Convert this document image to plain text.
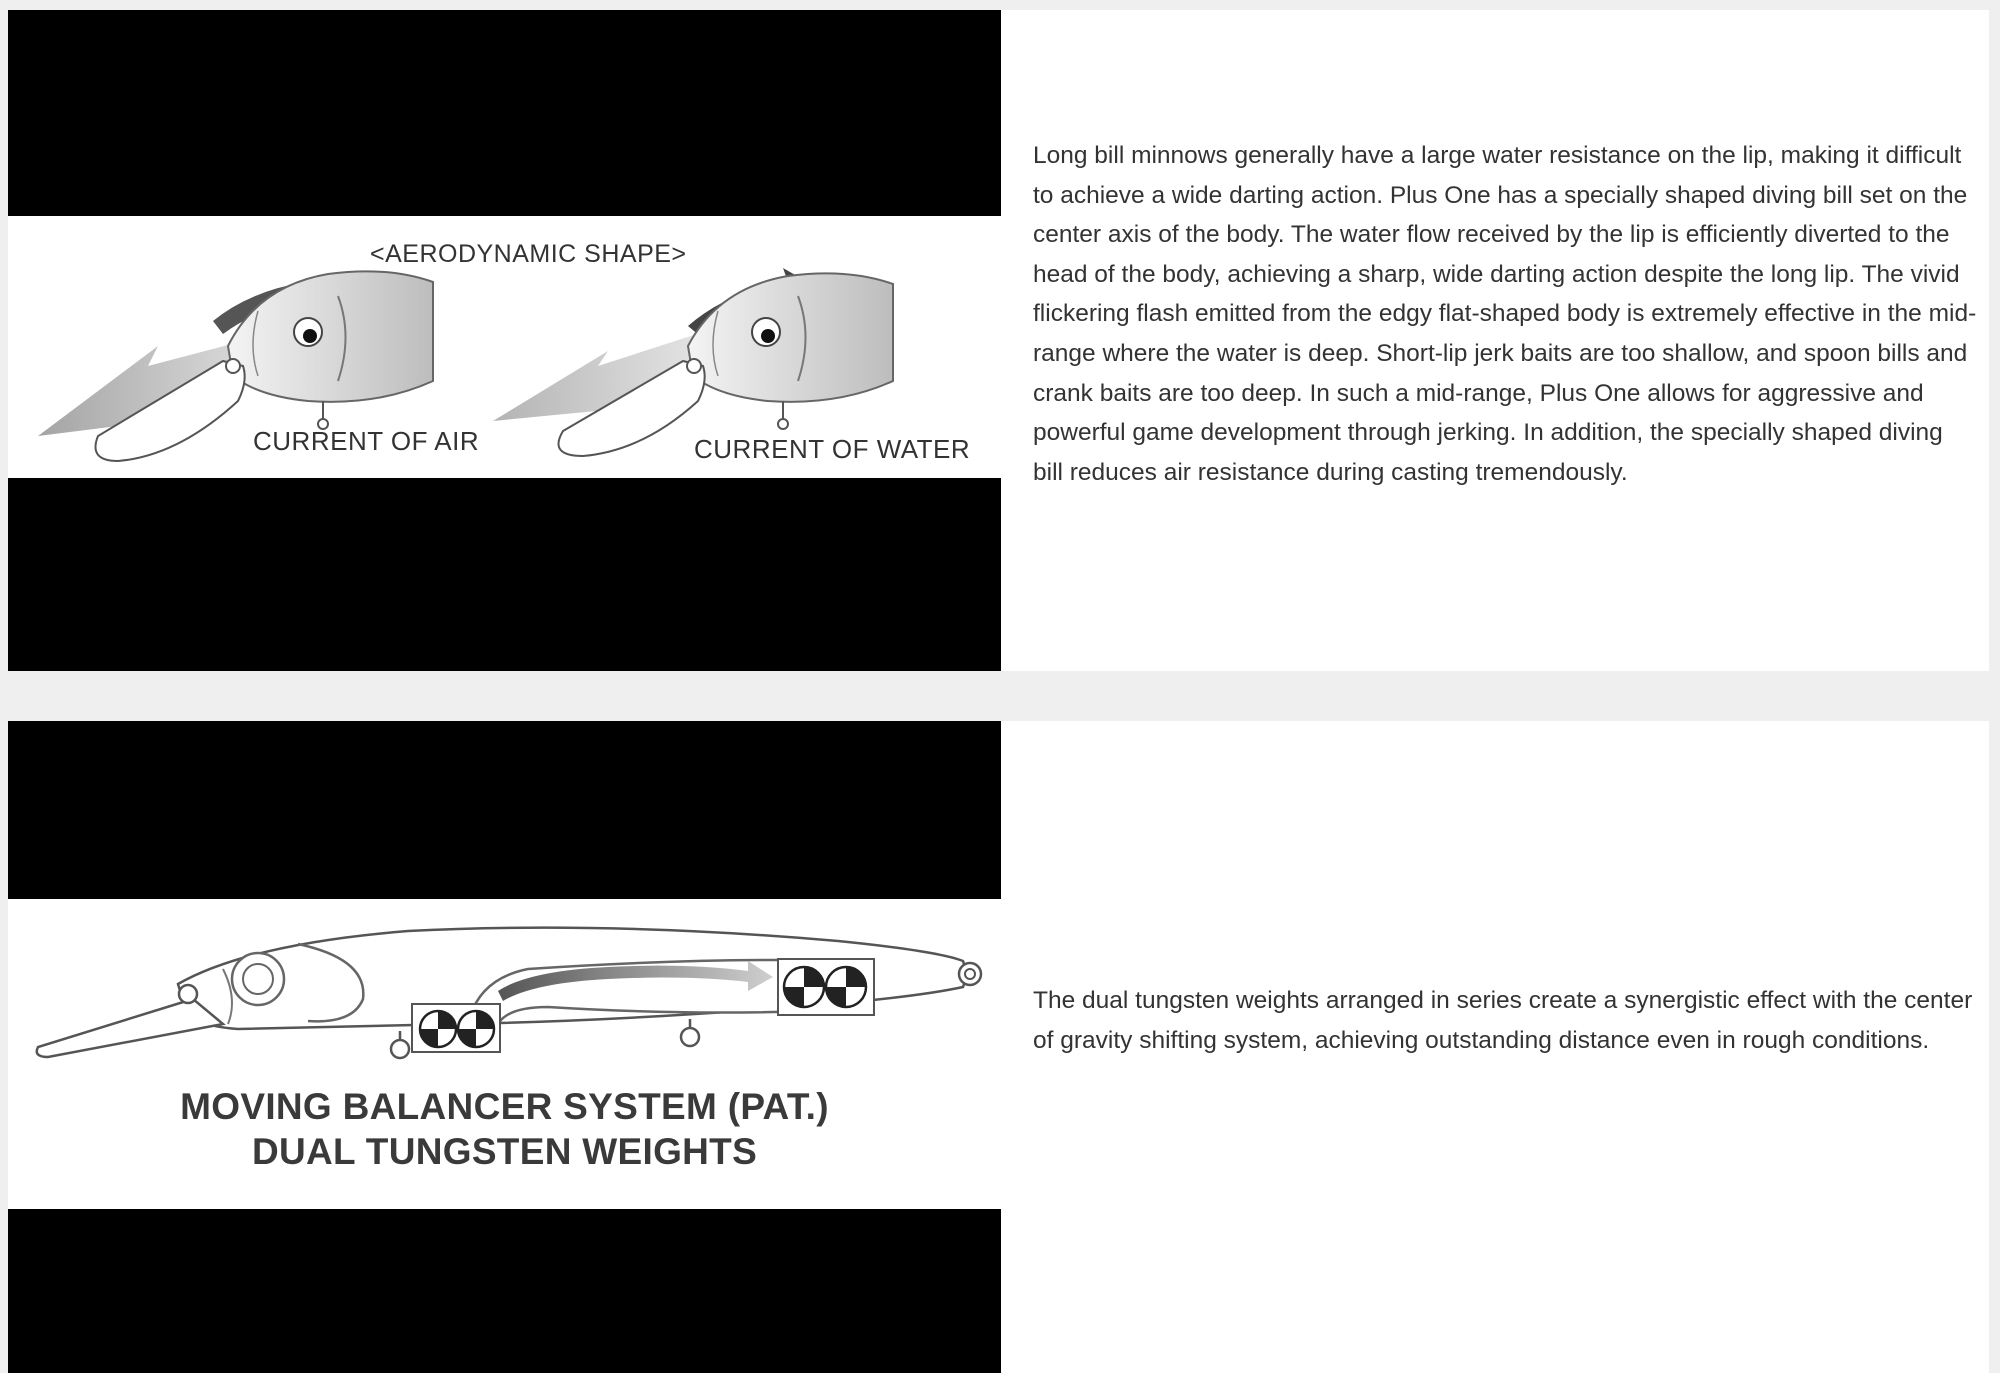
<AERODYNAMIC SHAPE>
CURRENT OF AIR	CURRENT OF WATER

Long bill minnows generally have a large water resistance on the lip, making it difficult to achieve a wide darting action. Plus One has a specially shaped diving bill set on the center axis of the body. The water flow received by the lip is efficiently diverted to the head of the body, achieving a sharp, wide darting action despite the long lip. The vivid flickering flash emitted from the edgy flat-shaped body is extremely effective in the mid-range where the water is deep. Short-lip jerk baits are too shallow, and spoon bills and crank baits are too deep. In such a mid-range, Plus One allows for aggressive and powerful game development through jerking. In addition, the specially shaped diving bill reduces air resistance during casting tremendously.

MOVING BALANCER SYSTEM (PAT.)
DUAL TUNGSTEN WEIGHTS

The dual tungsten weights arranged in series create a synergistic effect with the center of gravity shifting system, achieving outstanding distance even in rough conditions.
